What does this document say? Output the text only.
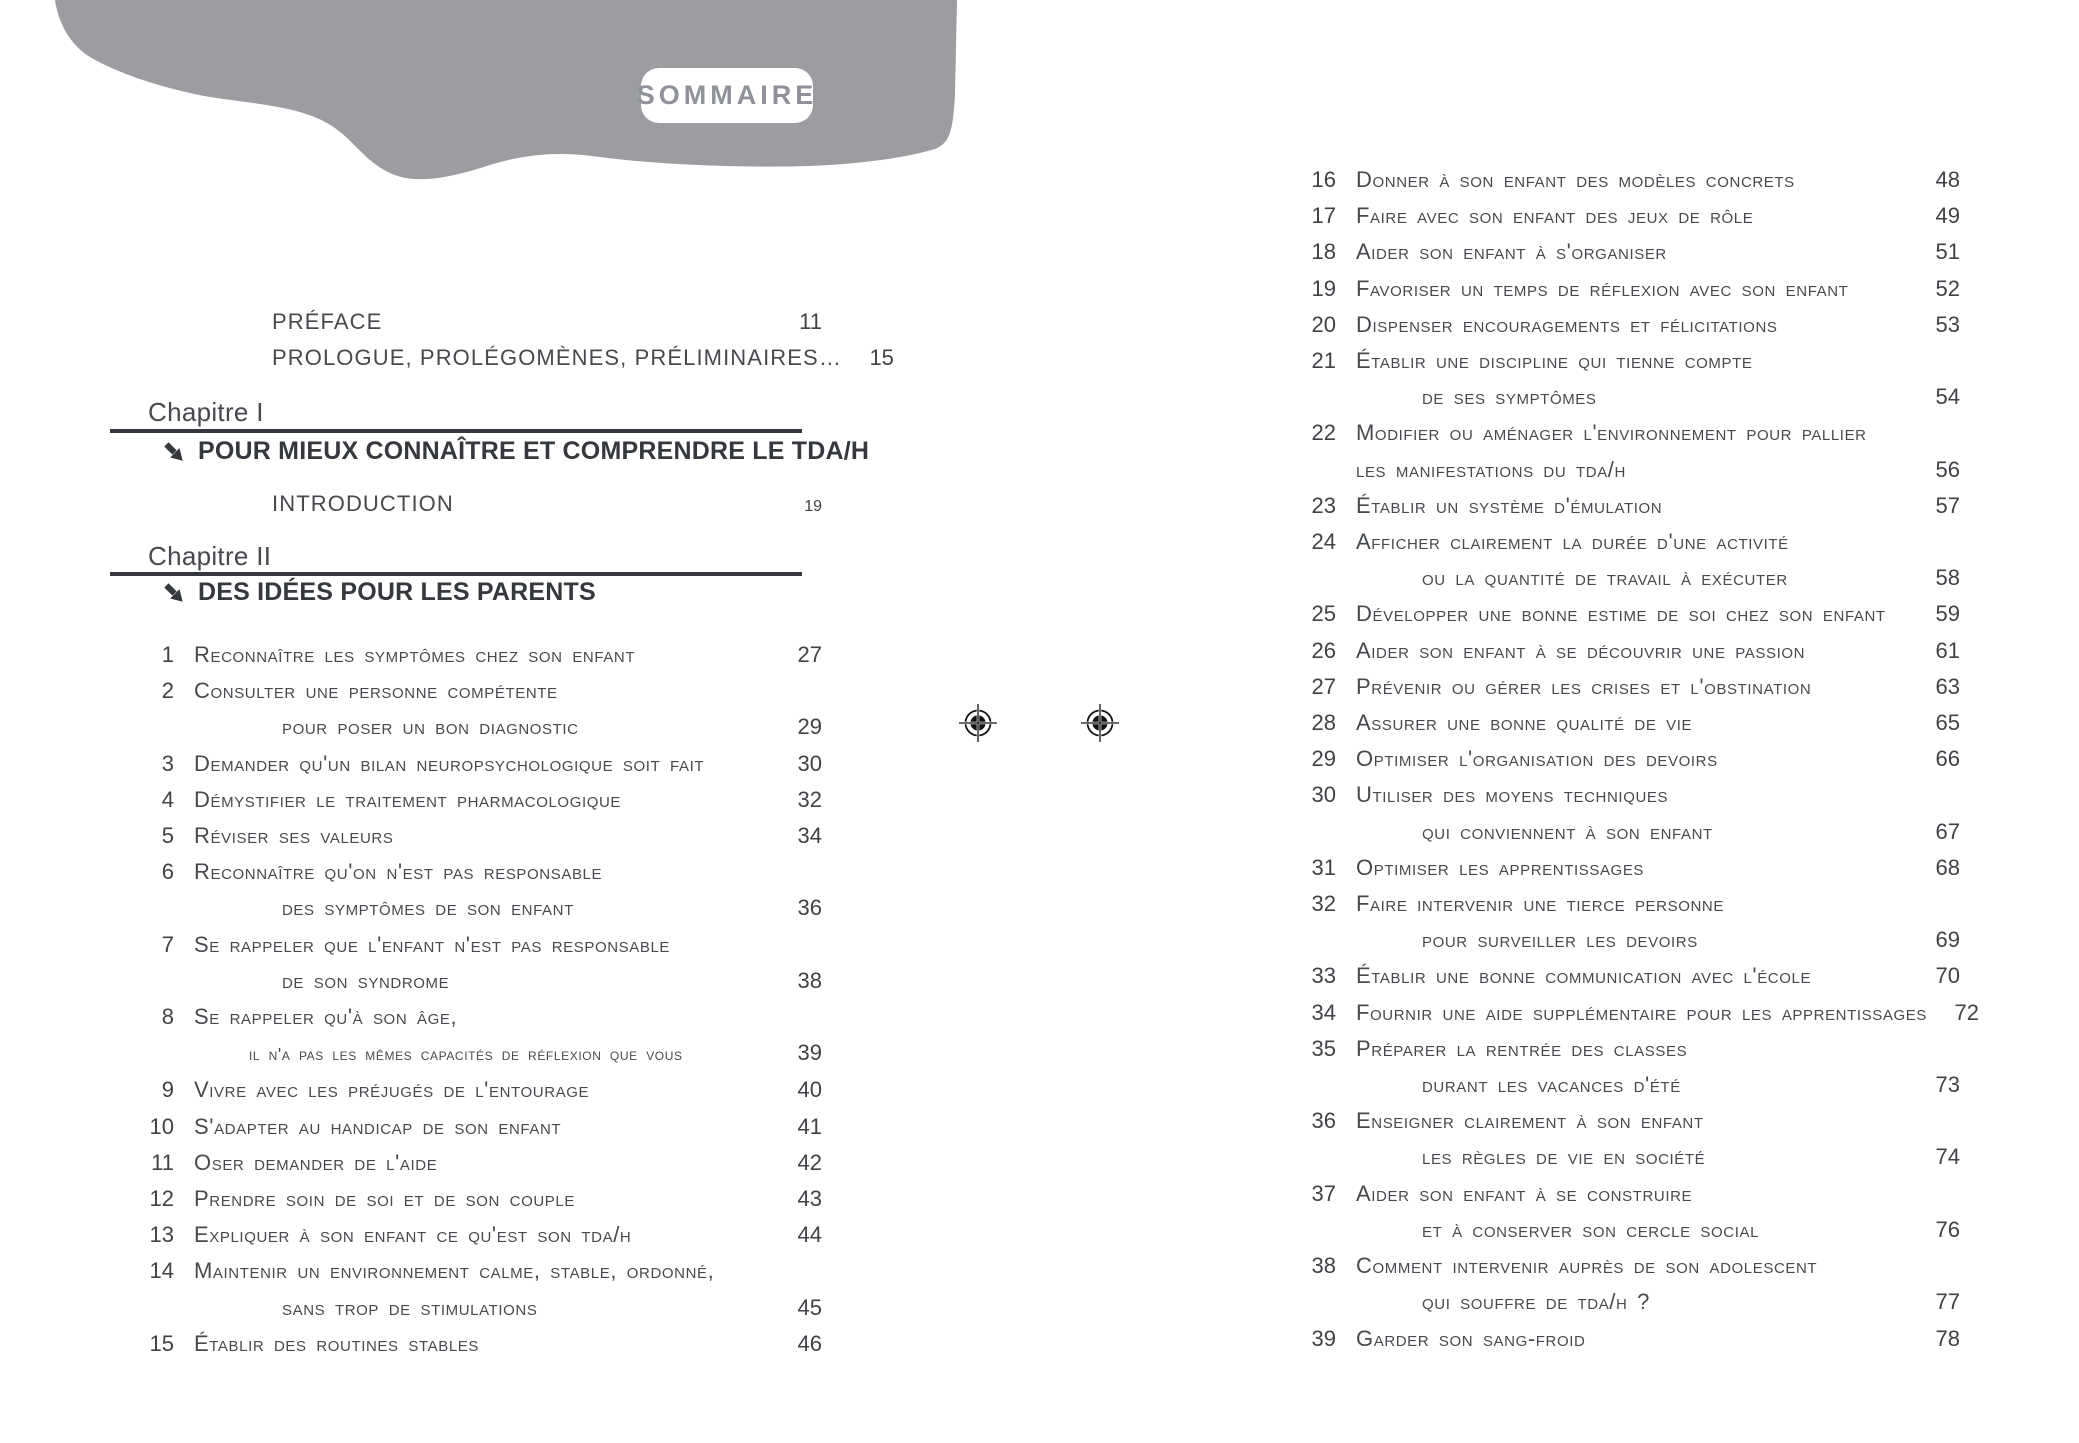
SOMMAIRE
PRÉFACE	11
PROLOGUE, PROLÉGOMÈNES, PRÉLIMINAIRES…	15
Chapitre I
POUR MIEUX CONNAÎTRE ET COMPRENDRE LE TDA/H
INTRODUCTION	19
Chapitre II
DES IDÉES POUR LES PARENTS
1 Reconnaître les symptômes chez son enfant	27
2 Consulter une personne compétente
pour poser un bon diagnostic	29
3 Demander qu'un bilan neuropsychologique soit fait	30
4 Démystifier le traitement pharmacologique	32
5 Réviser ses valeurs	34
6 Reconnaître qu'on n'est pas responsable
des symptômes de son enfant	36
7 Se rappeler que l'enfant n'est pas responsable
de son syndrome	38
8 Se rappeler qu'à son âge,
il n'a pas les mêmes capacités de réflexion que vous	39
9 Vivre avec les préjugés de l'entourage	40
10 S'adapter au handicap de son enfant	41
11 Oser demander de l'aide	42
12 Prendre soin de soi et de son couple	43
13 Expliquer à son enfant ce qu'est son tda/h	44
14 Maintenir un environnement calme, stable, ordonné,
sans trop de stimulations	45
15 Établir des routines stables	46
16 Donner à son enfant des modèles concrets	48
17 Faire avec son enfant des jeux de rôle	49
18 Aider son enfant à s'organiser	51
19 Favoriser un temps de réflexion avec son enfant	52
20 Dispenser encouragements et félicitations	53
21 Établir une discipline qui tienne compte
de ses symptômes	54
22 Modifier ou aménager l'environnement pour pallier
les manifestations du tda/h	56
23 Établir un système d'émulation	57
24 Afficher clairement la durée d'une activité
ou la quantité de travail à exécuter	58
25 Développer une bonne estime de soi chez son enfant	59
26 Aider son enfant à se découvrir une passion	61
27 Prévenir ou gérer les crises et l'obstination	63
28 Assurer une bonne qualité de vie	65
29 Optimiser l'organisation des devoirs	66
30 Utiliser des moyens techniques
qui conviennent à son enfant	67
31 Optimiser les apprentissages	68
32 Faire intervenir une tierce personne
pour surveiller les devoirs	69
33 Établir une bonne communication avec l'école	70
34 Fournir une aide supplémentaire pour les apprentissages	72
35 Préparer la rentrée des classes
durant les vacances d'été	73
36 Enseigner clairement à son enfant
les règles de vie en société	74
37 Aider son enfant à se construire
et à conserver son cercle social	76
38 Comment intervenir auprès de son adolescent
qui souffre de tda/h ?	77
39 Garder son sang-froid	78
